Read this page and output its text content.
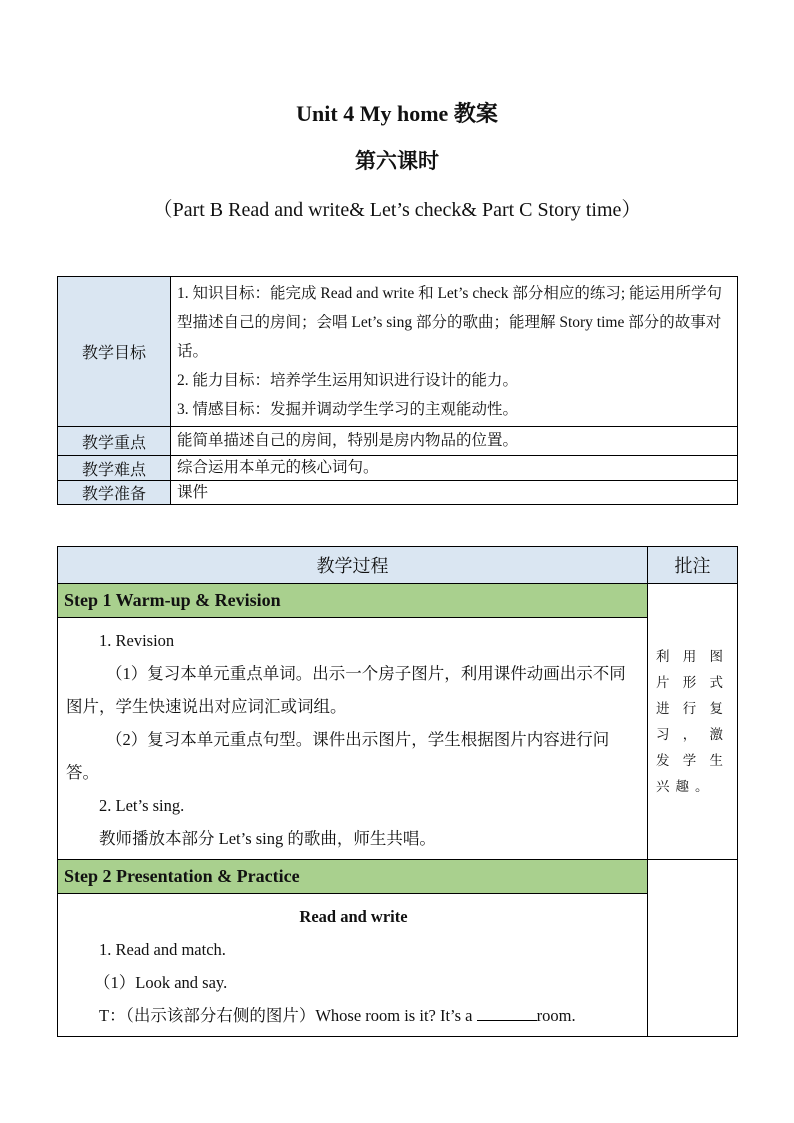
Unit 4 My home 教案
第六课时
（Part B Read and write& Let’s check& Part C Story time）
教学目标	1. 知识目标：能完成 Read and write 和 Let’s check 部分相应的练习; 能运用所学句型描述自己的房间；会唱 Let’s sing 部分的歌曲；能理解 Story time 部分的故事对话。

2. 能力目标：培养学生运用知识进行设计的能力。

3. 情感目标：发掘并调动学生学习的主观能动性。

教学重点	能简单描述自己的房间，特别是房内物品的位置。
教学难点	综合运用本单元的核心词句。
教学准备	课件
教学过程	批注
Step 1 Warm-up & Revision	利用图片形式进行复习，激发学生兴趣。

1. Revision

（1）复习本单元重点单词。出示一个房子图片，利用课件动画出示不同图片，学生快速说出对应词汇或词组。

（2）复习本单元重点句型。课件出示图片，学生根据图片内容进行问答。

2. Let’s sing.

教师播放本部分 Let’s sing 的歌曲，师生共唱。	

Step 2 Presentation & Practice	

Read and write

1. Read and match.

（1）Look and say.

T：（出示该部分右侧的图片）Whose room is it? It’s a room.	
